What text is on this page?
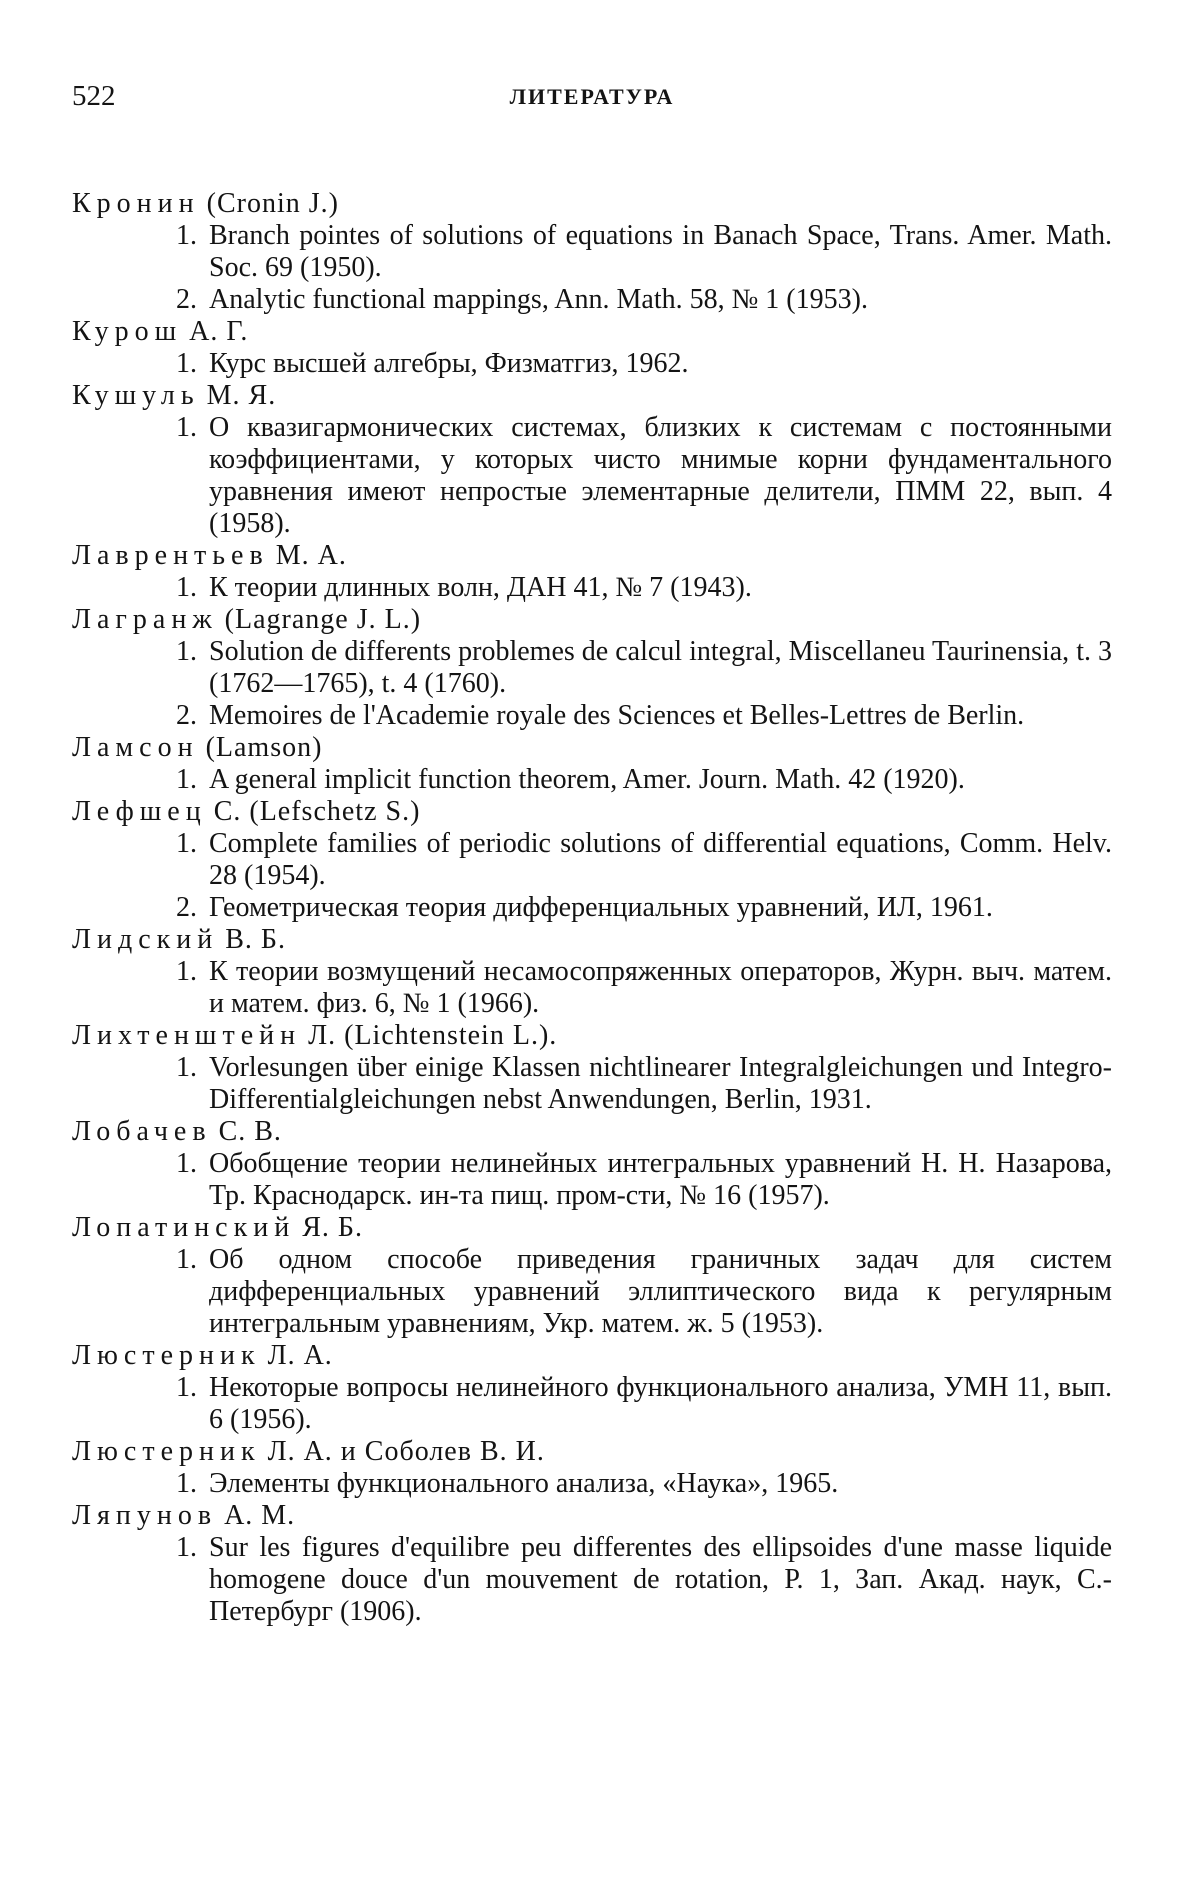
522	ЛИТЕРАТУРА

Кронин (Cronin J.)

1. Branch pointes of solutions of equations in Banach Space, Trans. Amer. Math. Soc. 69 (1950).
2. Analytic functional mappings, Ann. Math. 58, № 1 (1953).

Курош А. Г.

1. Курс высшей алгебры, Физматгиз, 1962.

Кушуль М. Я.

1. О квазигармонических системах, близких к системам с постоянными коэффициентами, у которых чисто мнимые корни фундаментального уравнения имеют непростые элементарные делители, ПММ 22, вып. 4 (1958).

Лаврентьев М. А.

1. К теории длинных волн, ДАН 41, № 7 (1943).

Лагранж (Lagrange J. L.)

1. Solution de differents problemes de calcul integral, Miscellaneu Taurinensia, t. 3 (1762—1765), t. 4 (1760).
2. Memoires de l'Academie royale des Sciences et Belles-Lettres de Berlin.

Ламсон (Lamson)

1. A general implicit function theorem, Amer. Journ. Math. 42 (1920).

Лефшец С. (Lefschetz S.)

1. Complete families of periodic solutions of differential equations, Comm. Helv. 28 (1954).
2. Геометрическая теория дифференциальных уравнений, ИЛ, 1961.

Лидский В. Б.

1. К теории возмущений несамосопряженных операторов, Журн. выч. матем. и матем. физ. 6, № 1 (1966).

Лихтенштейн Л. (Lichtenstein L.).

1. Vorlesungen über einige Klassen nichtlinearer Integralgleichungen und Integro-Differentialgleichungen nebst Anwendungen, Berlin, 1931.

Лобачев С. В.

1. Обобщение теории нелинейных интегральных уравнений Н. Н. Назарова, Тр. Краснодарск. ин-та пищ. пром-сти, № 16 (1957).

Лопатинский Я. Б.

1. Об одном способе приведения граничных задач для систем дифференциальных уравнений эллиптического вида к регулярным интегральным уравнениям, Укр. матем. ж. 5 (1953).

Люстерник Л. А.

1. Некоторые вопросы нелинейного функционального анализа, УМН 11, вып. 6 (1956).

Люстерник Л. А. и Соболев В. И.

1. Элементы функционального анализа, «Наука», 1965.

Ляпунов А. М.

1. Sur les figures d'equilibre peu differentes des ellipsoides d'une masse liquide homogene douce d'un mouvement de rotation, Р. 1, Зап. Акад. наук, С.-Петербург (1906).
